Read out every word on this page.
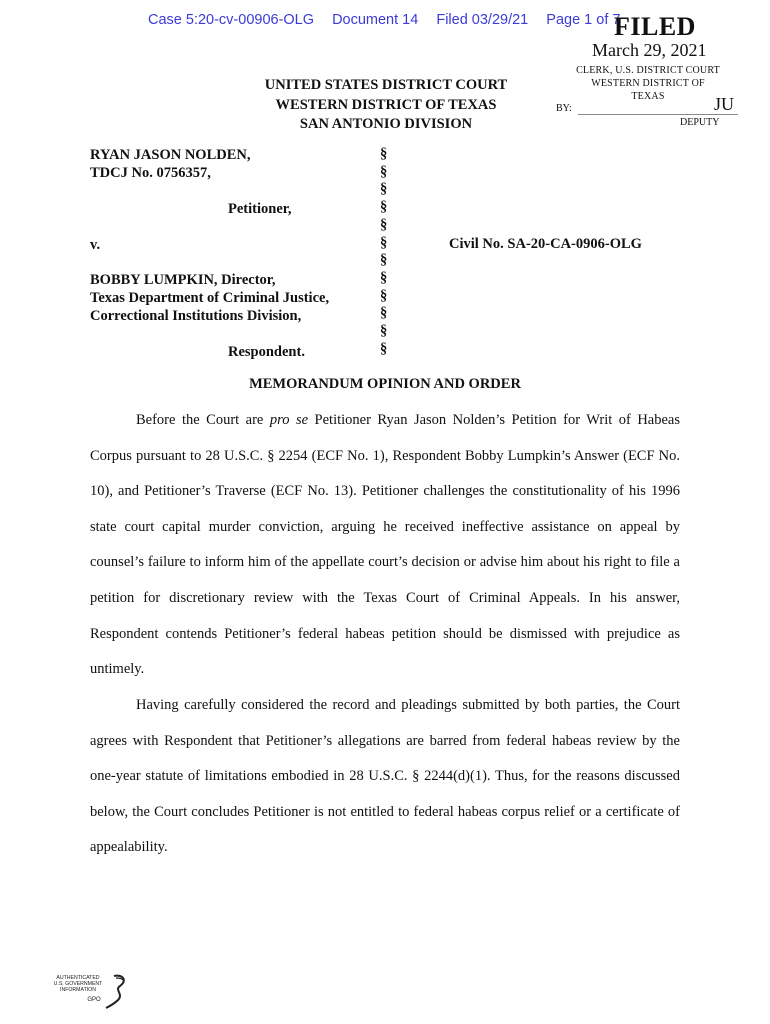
Case 5:20-cv-00906-OLG Document 14 Filed 03/29/21 Page 1 of 7
FILED
March 29, 2021
CLERK, U.S. DISTRICT COURT
WESTERN DISTRICT OF TEXAS
BY:	JU
DEPUTY
UNITED STATES DISTRICT COURT
WESTERN DISTRICT OF TEXAS
SAN ANTONIO DIVISION
RYAN JASON NOLDEN,
TDCJ No. 0756357,
Petitioner,
v.
BOBBY LUMPKIN, Director,
Texas Department of Criminal Justice,
Correctional Institutions Division,
Respondent.
§
§
§
§
§
§
§
§
§
§
§
§
Civil No. SA-20-CA-0906-OLG
MEMORANDUM OPINION AND ORDER

Before the Court are pro se Petitioner Ryan Jason Nolden’s Petition for Writ of Habeas Corpus pursuant to 28 U.S.C. § 2254 (ECF No. 1), Respondent Bobby Lumpkin’s Answer (ECF No. 10), and Petitioner’s Traverse (ECF No. 13). Petitioner challenges the constitutionality of his 1996 state court capital murder conviction, arguing he received ineffective assistance on appeal by counsel’s failure to inform him of the appellate court’s decision or advise him about his right to file a petition for discretionary review with the Texas Court of Criminal Appeals. In his answer, Respondent contends Petitioner’s federal habeas petition should be dismissed with prejudice as untimely.

Having carefully considered the record and pleadings submitted by both parties, the Court agrees with Respondent that Petitioner’s allegations are barred from federal habeas review by the one-year statute of limitations embodied in 28 U.S.C. § 2244(d)(1). Thus, for the reasons discussed below, the Court concludes Petitioner is not entitled to federal habeas corpus relief or a certificate of appealability.

AUTHENTICATED
U.S. GOVERNMENT
INFORMATION
GPO
